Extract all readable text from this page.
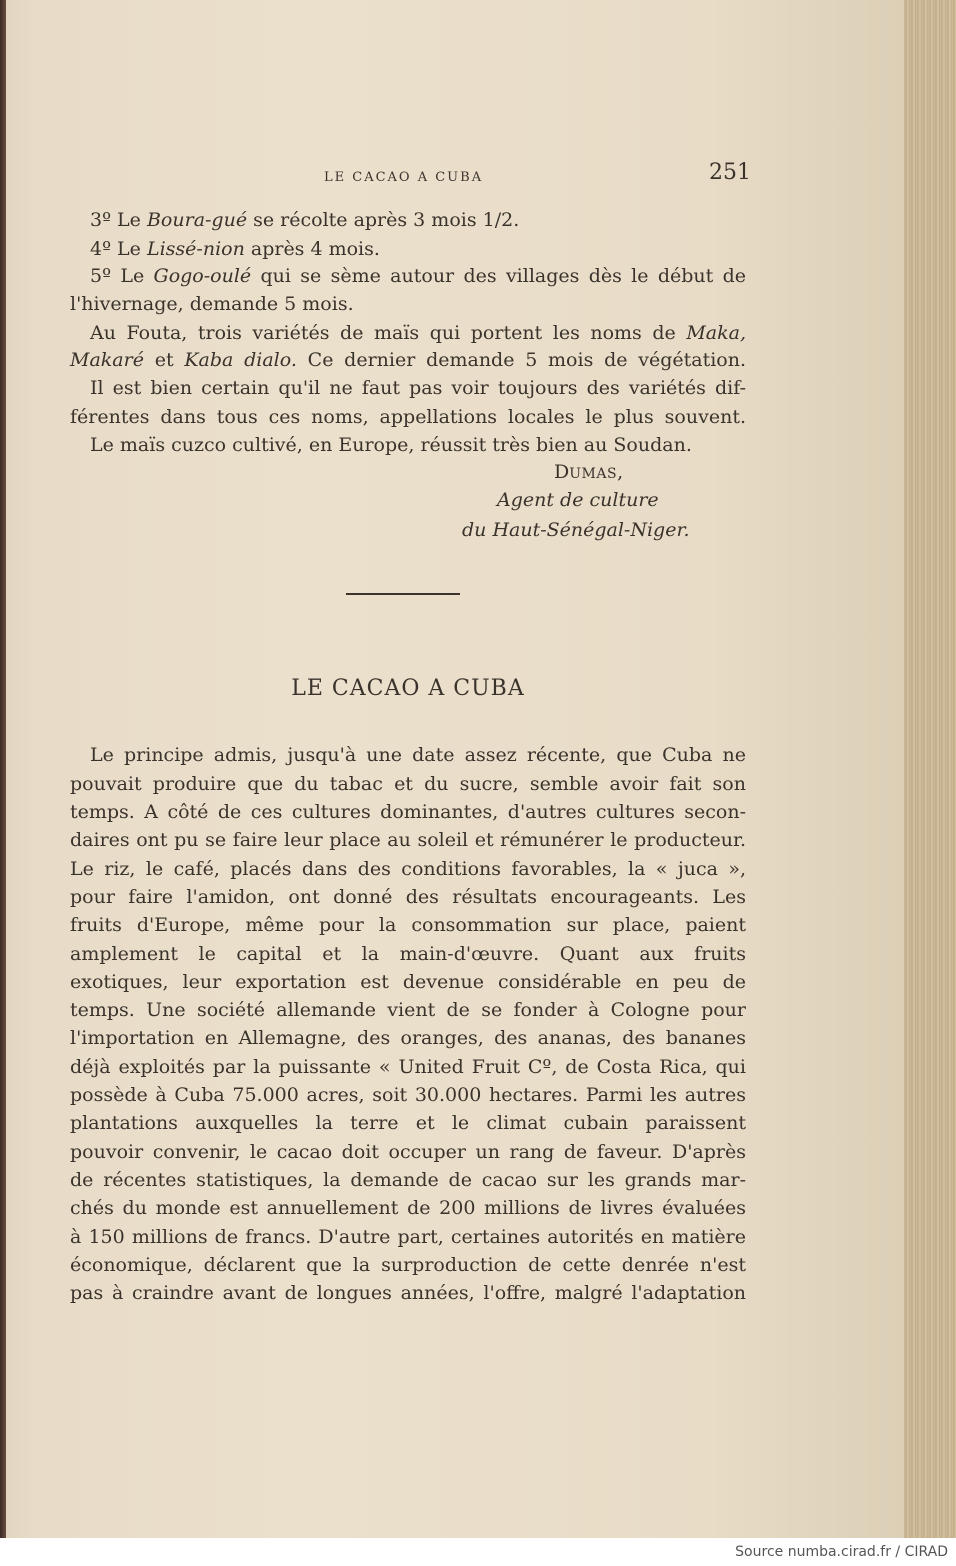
LE CACAO A CUBA	251
3º Le Boura-gué se récolte après 3 mois 1/2.
4º Le Lissé-nion après 4 mois.
5º Le Gogo-oulé qui se sème autour des villages dès le début de
l'hivernage, demande 5 mois.
Au Fouta, trois variétés de maïs qui portent les noms de Maka,
Makaré et Kaba dialo. Ce dernier demande 5 mois de végétation.
Il est bien certain qu'il ne faut pas voir toujours des variétés dif-
férentes dans tous ces noms, appellations locales le plus souvent.
Le maïs cuzco cultivé, en Europe, réussit très bien au Soudan.
DUMAS,
Agent de culture
du Haut-Sénégal-Niger.
LE CACAO A CUBA
Le principe admis, jusqu'à une date assez récente, que Cuba ne
pouvait produire que du tabac et du sucre, semble avoir fait son
temps. A côté de ces cultures dominantes, d'autres cultures secon-
daires ont pu se faire leur place au soleil et rémunérer le producteur.
Le riz, le café, placés dans des conditions favorables, la « juca »,
pour faire l'amidon, ont donné des résultats encourageants. Les
fruits d'Europe, même pour la consommation sur place, paient
amplement le capital et la main-d'œuvre. Quant aux fruits
exotiques, leur exportation est devenue considérable en peu de
temps. Une société allemande vient de se fonder à Cologne pour
l'importation en Allemagne, des oranges, des ananas, des bananes
déjà exploités par la puissante « United Fruit Cº, de Costa Rica, qui
possède à Cuba 75.000 acres, soit 30.000 hectares. Parmi les autres
plantations auxquelles la terre et le climat cubain paraissent
pouvoir convenir, le cacao doit occuper un rang de faveur. D'après
de récentes statistiques, la demande de cacao sur les grands mar-
chés du monde est annuellement de 200 millions de livres évaluées
à 150 millions de francs. D'autre part, certaines autorités en matière
économique, déclarent que la surproduction de cette denrée n'est
pas à craindre avant de longues années, l'offre, malgré l'adaptation
Source numba.cirad.fr / CIRAD
